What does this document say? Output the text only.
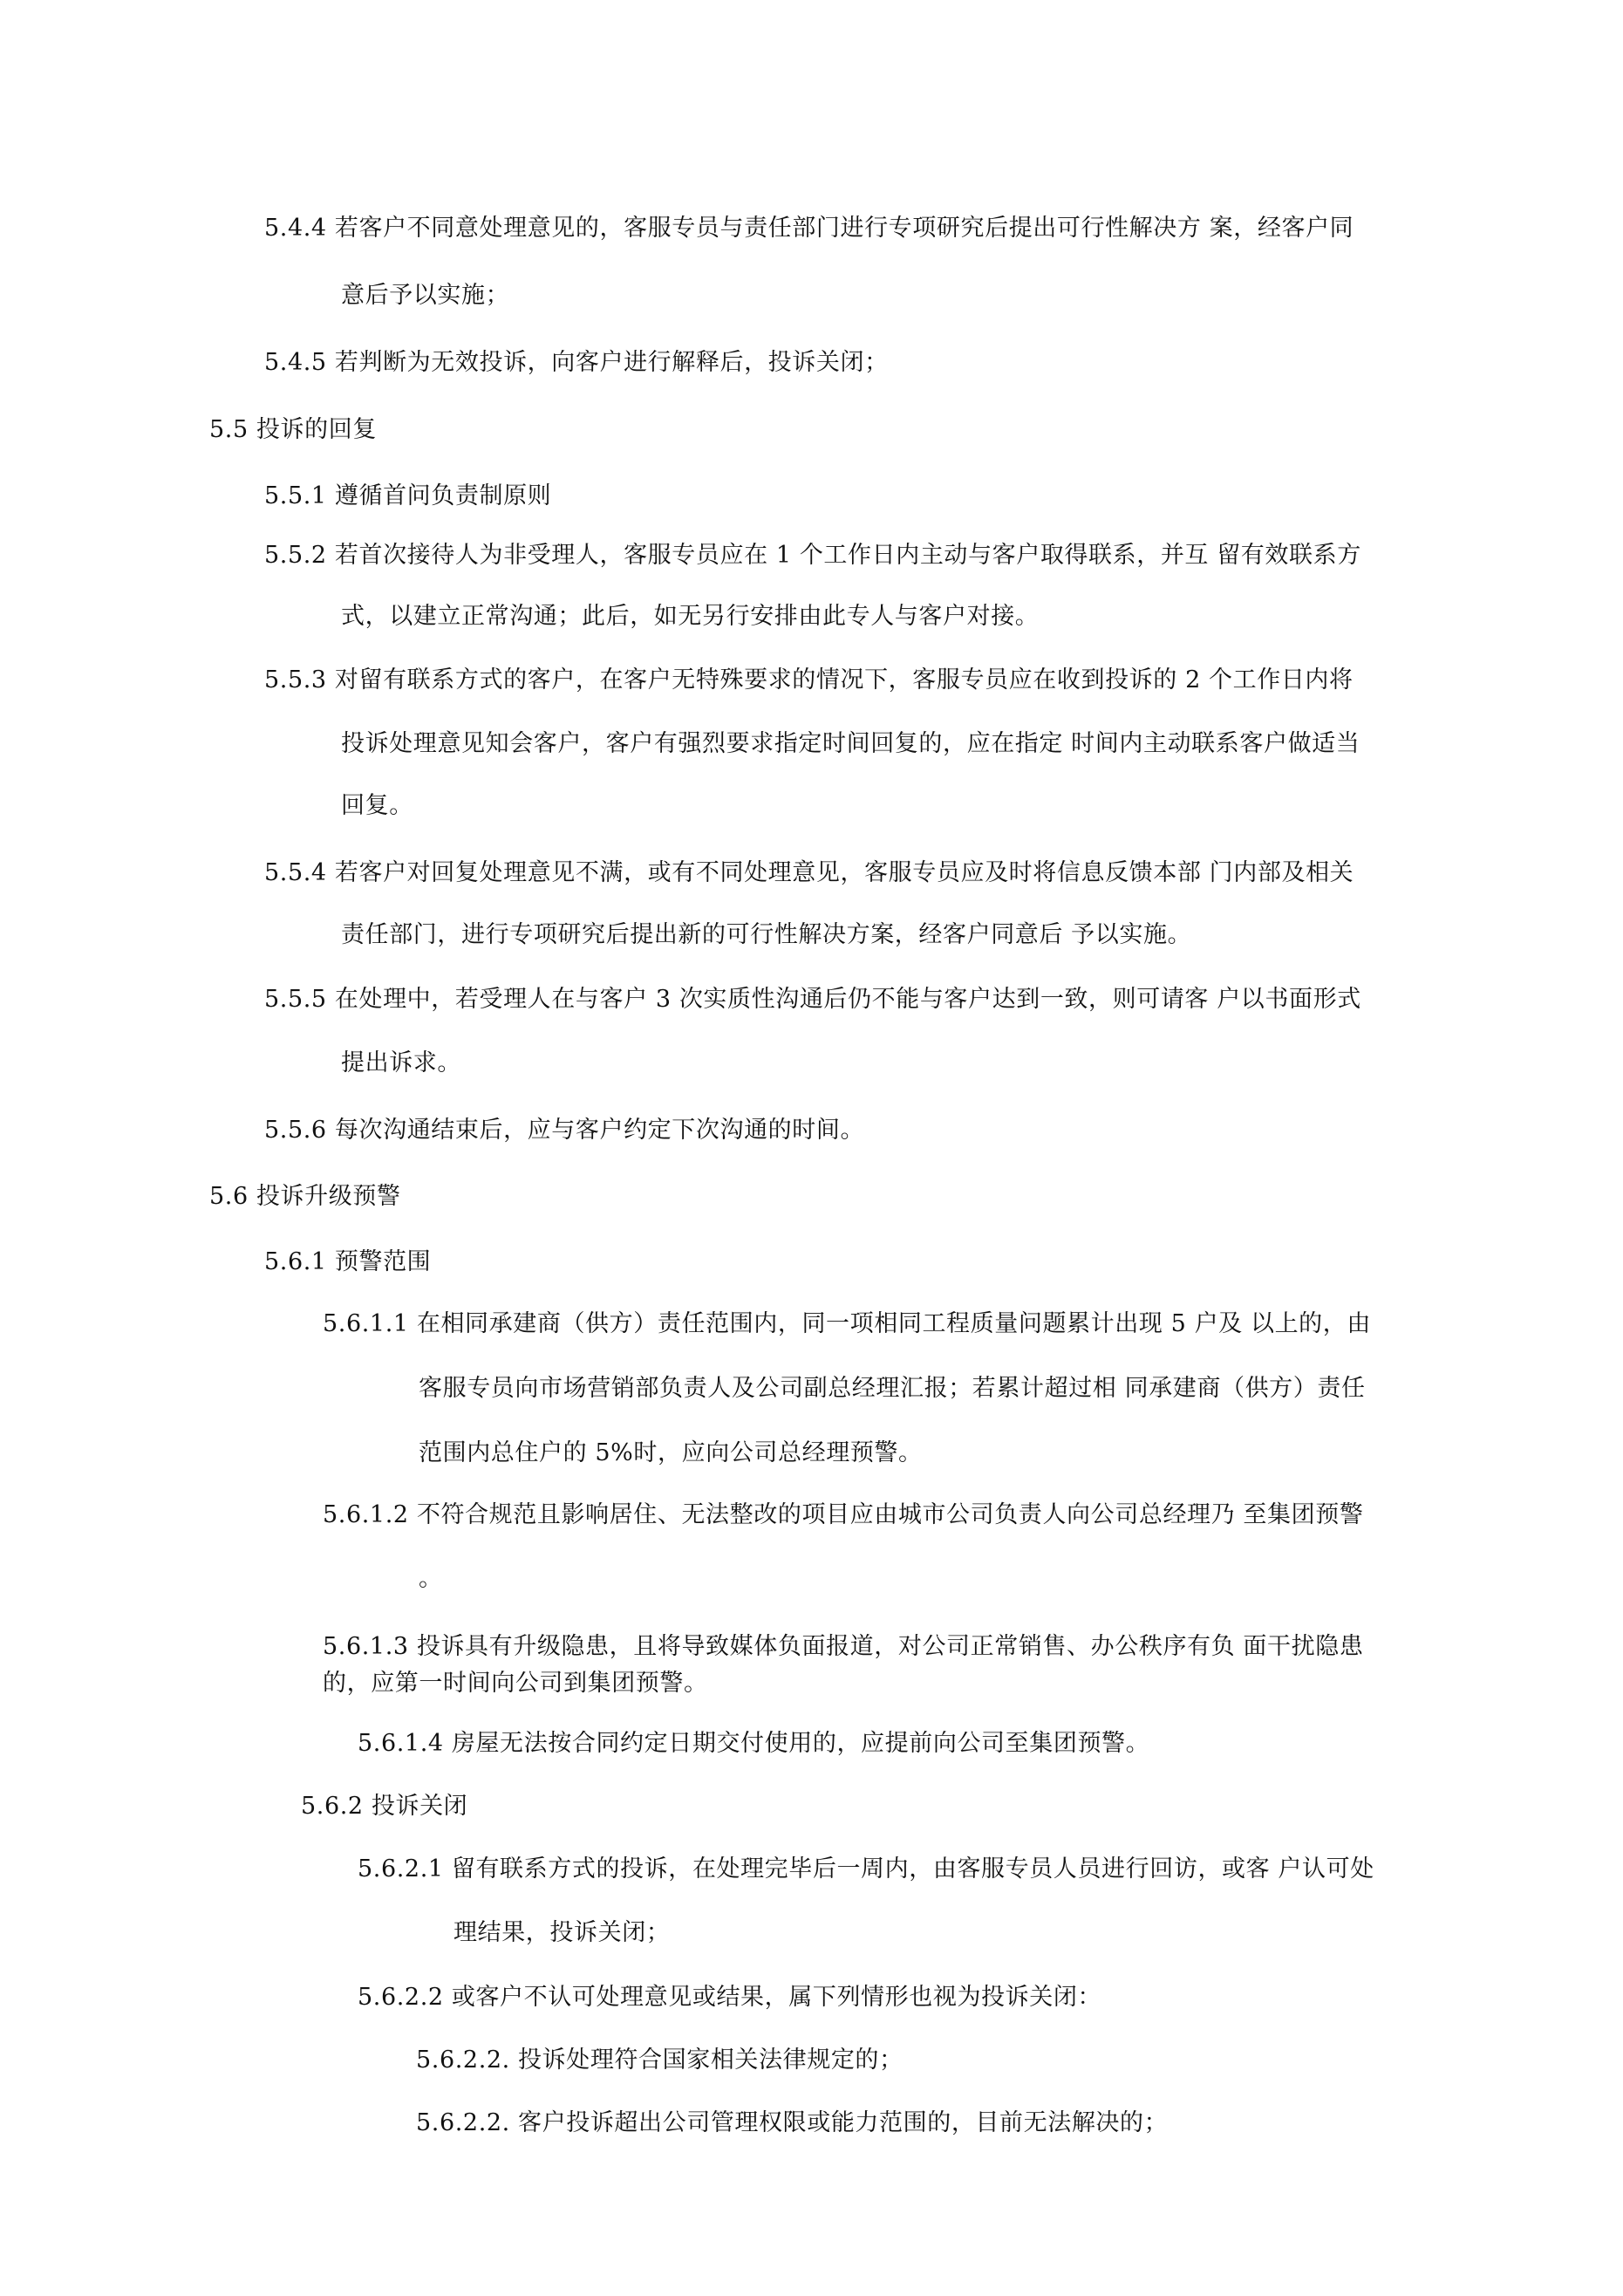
5.4.4 若客户不同意处理意见的，客服专员与责任部门进行专项研究后提出可行性解决方 案，经客户同
意后予以实施；
5.4.5 若判断为无效投诉，向客户进行解释后，投诉关闭；
5.5 投诉的回复
5.5.1 遵循首问负责制原则
5.5.2 若首次接待人为非受理人，客服专员应在 1 个工作日内主动与客户取得联系，并互 留有效联系方
式，以建立正常沟通；此后，如无另行安排由此专人与客户对接。
5.5.3 对留有联系方式的客户，在客户无特殊要求的情况下，客服专员应在收到投诉的 2 个工作日内将
投诉处理意见知会客户，客户有强烈要求指定时间回复的，应在指定 时间内主动联系客户做适当
回复。
5.5.4 若客户对回复处理意见不满，或有不同处理意见，客服专员应及时将信息反馈本部 门内部及相关
责任部门，进行专项研究后提出新的可行性解决方案，经客户同意后 予以实施。
5.5.5 在处理中，若受理人在与客户 3 次实质性沟通后仍不能与客户达到一致，则可请客 户以书面形式
提出诉求。
5.5.6 每次沟通结束后，应与客户约定下次沟通的时间。
5.6 投诉升级预警
5.6.1 预警范围
5.6.1.1 在相同承建商（供方）责任范围内，同一项相同工程质量问题累计出现 5 户及 以上的，由
客服专员向市场营销部负责人及公司副总经理汇报；若累计超过相 同承建商（供方）责任
范围内总住户的 5%时，应向公司总经理预警。
5.6.1.2 不符合规范且影响居住、无法整改的项目应由城市公司负责人向公司总经理乃 至集团预警
。
5.6.1.3 投诉具有升级隐患，且将导致媒体负面报道，对公司正常销售、办公秩序有负 面干扰隐患
的，应第一时间向公司到集团预警。
5.6.1.4 房屋无法按合同约定日期交付使用的，应提前向公司至集团预警。
5.6.2 投诉关闭
5.6.2.1 留有联系方式的投诉，在处理完毕后一周内，由客服专员人员进行回访，或客 户认可处
理结果，投诉关闭；
5.6.2.2 或客户不认可处理意见或结果，属下列情形也视为投诉关闭：
5.6.2.2. 投诉处理符合国家相关法律规定的；
5.6.2.2. 客户投诉超出公司管理权限或能力范围的，目前无法解决的；
